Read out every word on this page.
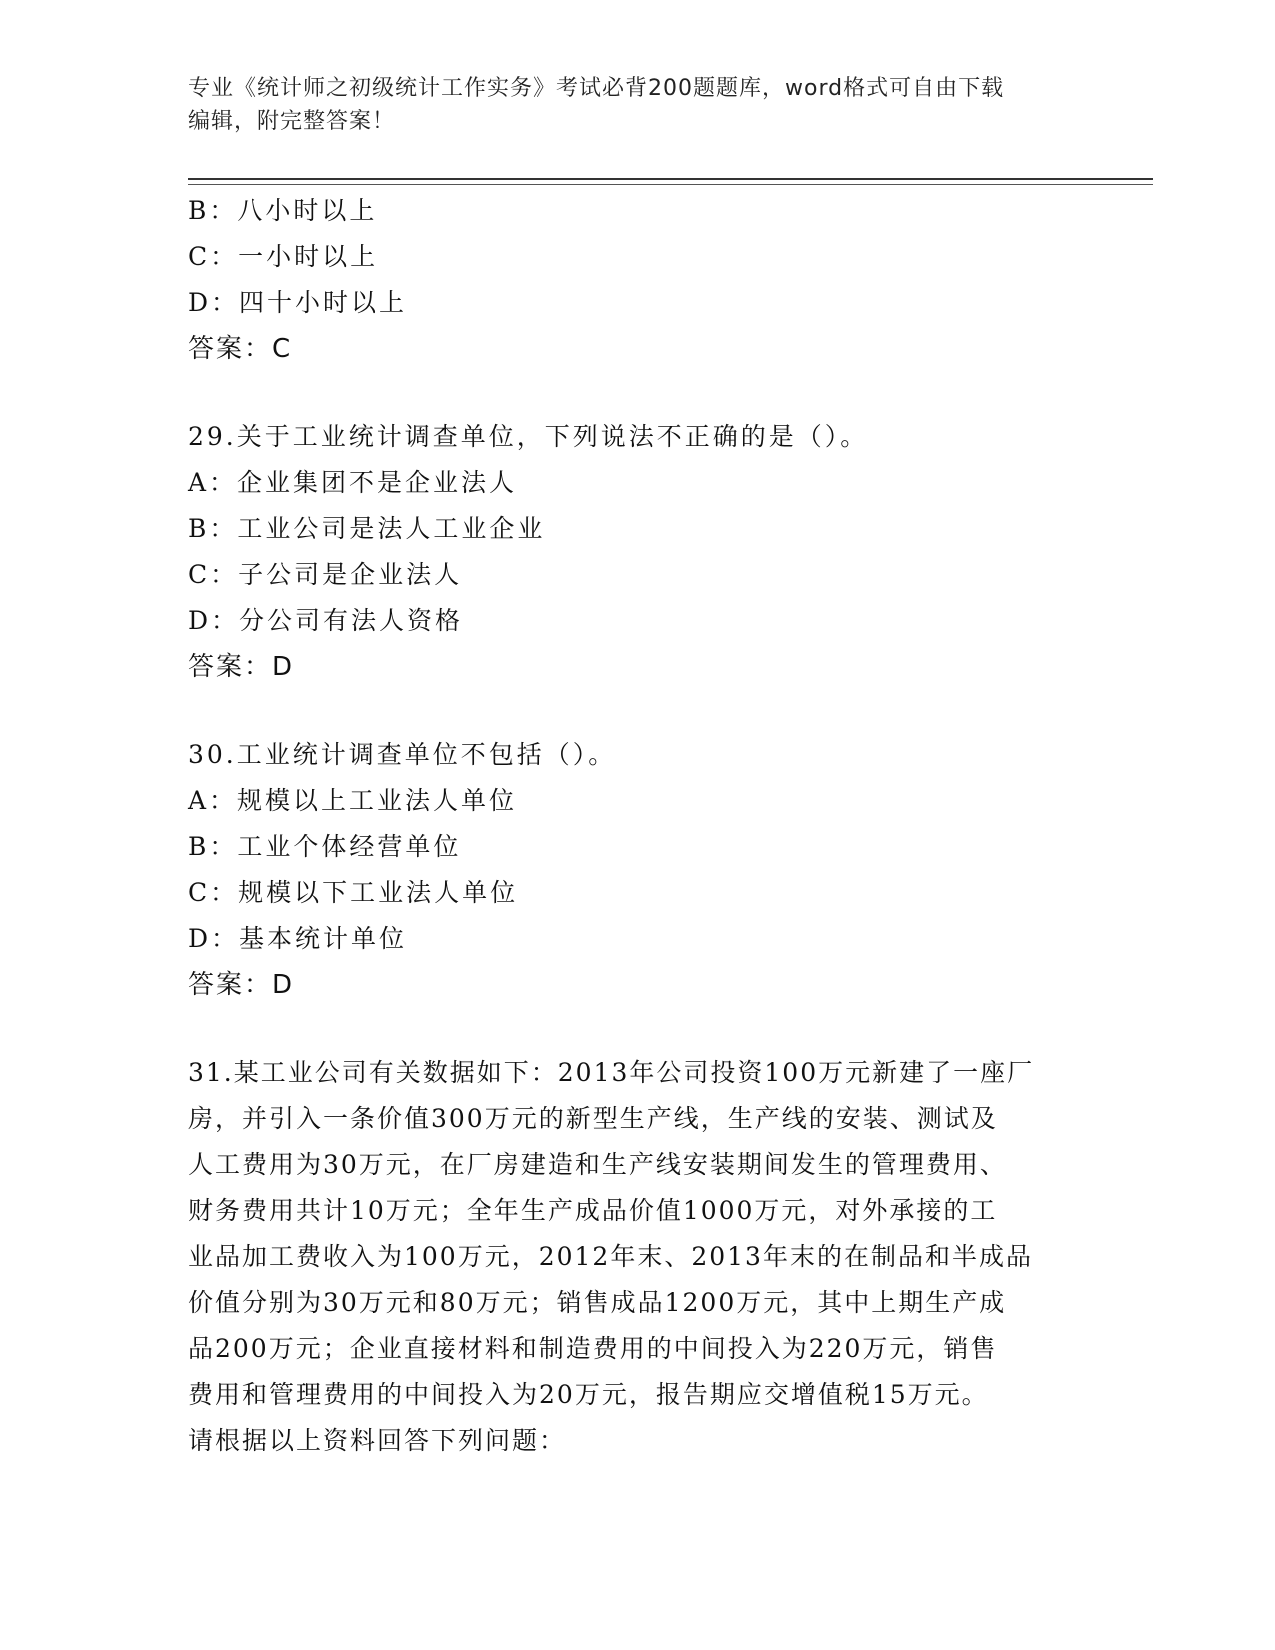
专业《统计师之初级统计工作实务》考试必背200题题库，word格式可自由下载
编辑，附完整答案！
B：八小时以上
C：一小时以上
D：四十小时以上
答案：C
29.关于工业统计调查单位，下列说法不正确的是（）。
A：企业集团不是企业法人
B：工业公司是法人工业企业
C：子公司是企业法人
D：分公司有法人资格
答案：D
30.工业统计调查单位不包括（）。
A：规模以上工业法人单位
B：工业个体经营单位
C：规模以下工业法人单位
D：基本统计单位
答案：D
31.某工业公司有关数据如下：2013年公司投资100万元新建了一座厂
房，并引入一条价值300万元的新型生产线，生产线的安装、测试及
人工费用为30万元，在厂房建造和生产线安装期间发生的管理费用、
财务费用共计10万元；全年生产成品价值1000万元，对外承接的工
业品加工费收入为100万元，2012年末、2013年末的在制品和半成品
价值分别为30万元和80万元；销售成品1200万元，其中上期生产成
品200万元；企业直接材料和制造费用的中间投入为220万元，销售
费用和管理费用的中间投入为20万元，报告期应交增值税15万元。
请根据以上资料回答下列问题：
